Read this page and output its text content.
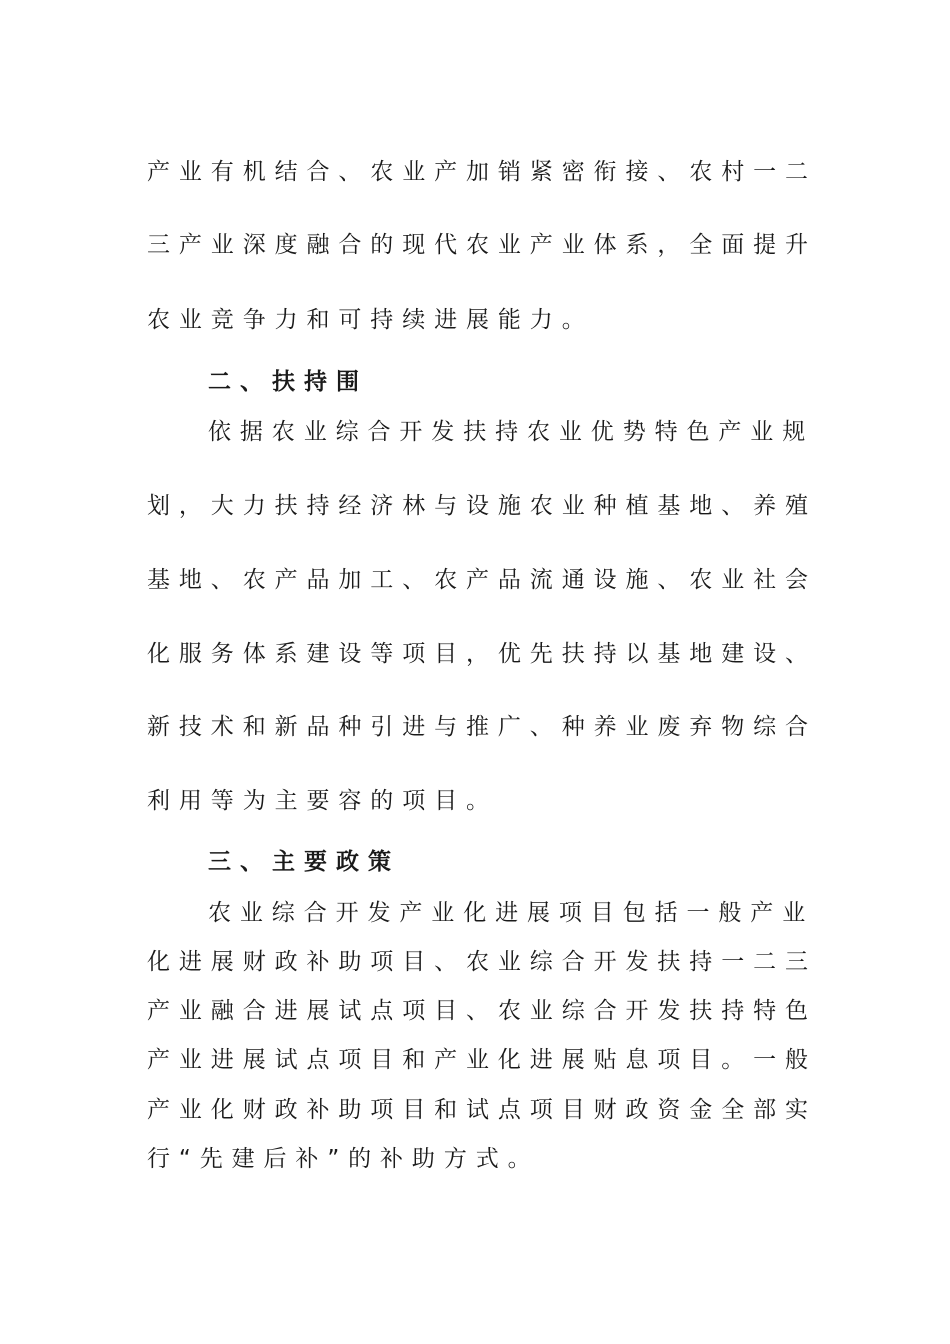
产业有机结合、农业产加销紧密衔接、农村一二
三产业深度融合的现代农业产业体系，全面提升
农业竞争力和可持续进展能力。
二、扶持围
依据农业综合开发扶持农业优势特色产业规
划，大力扶持经济林与设施农业种植基地、养殖
基地、农产品加工、农产品流通设施、农业社会
化服务体系建设等项目，优先扶持以基地建设、
新技术和新品种引进与推广、种养业废弃物综合
利用等为主要容的项目。
三、主要政策
农业综合开发产业化进展项目包括一般产业
化进展财政补助项目、农业综合开发扶持一二三
产业融合进展试点项目、农业综合开发扶持特色
产业进展试点项目和产业化进展贴息项目。一般
产业化财政补助项目和试点项目财政资金全部实
行“先建后补”的补助方式。
